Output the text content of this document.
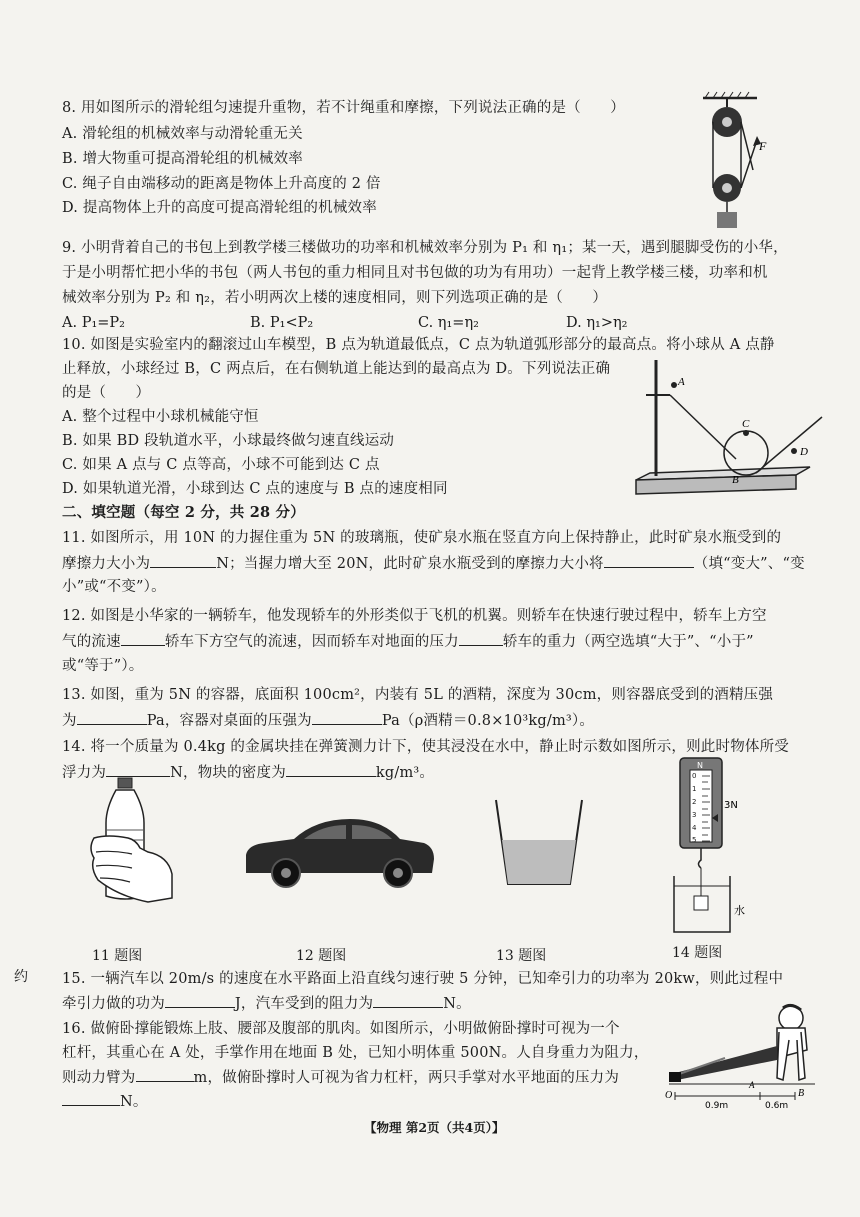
8. 用如图所示的滑轮组匀速提升重物，若不计绳重和摩擦，下列说法正确的是（　　）
A. 滑轮组的机械效率与动滑轮重无关
B. 增大物重可提高滑轮组的机械效率
C. 绳子自由端移动的距离是物体上升高度的 2 倍
D. 提高物体上升的高度可提高滑轮组的机械效率
F
9. 小明背着自己的书包上到教学楼三楼做功的功率和机械效率分别为 P₁ 和 η₁；某一天，遇到腿脚受伤的小华，
于是小明帮忙把小华的书包（两人书包的重力相同且对书包做的功为有用功）一起背上教学楼三楼，功率和机
械效率分别为 P₂ 和 η₂，若小明两次上楼的速度相同，则下列选项正确的是（　　）
A. P₁=P₂	B. P₁<P₂	C. η₁=η₂	D. η₁>η₂
10. 如图是实验室内的翻滚过山车模型，B 点为轨道最低点，C 点为轨道弧形部分的最高点。将小球从 A 点静
止释放，小球经过 B，C 两点后，在右侧轨道上能达到的最高点为 D。下列说法正确
的是（　　）
A. 整个过程中小球机械能守恒
B. 如果 BD 段轨道水平，小球最终做匀速直线运动
C. 如果 A 点与 C 点等高，小球不可能到达 C 点
D. 如果轨道光滑，小球到达 C 点的速度与 B 点的速度相同
A
B
C
D
二、填空题（每空 2 分，共 28 分）
11. 如图所示，用 10N 的力握住重为 5N 的玻璃瓶，使矿泉水瓶在竖直方向上保持静止，此时矿泉水瓶受到的
摩擦力大小为	N；当握力增大至 20N，此时矿泉水瓶受到的摩擦力大小将	（填“变大”、“变
小”或“不变”）。
12. 如图是小华家的一辆轿车，他发现轿车的外形类似于飞机的机翼。则轿车在快速行驶过程中，轿车上方空
气的流速	轿车下方空气的流速，因而轿车对地面的压力	轿车的重力（两空选填“大于”、“小于”
或“等于”）。
13. 如图，重为 5N 的容器，底面积 100cm²，内装有 5L 的酒精，深度为 30cm，则容器底受到的酒精压强
为	Pa，容器对桌面的压强为	Pa（ρ酒精＝0.8×10³kg/m³）。
14. 将一个质量为 0.4kg 的金属块挂在弹簧测力计下，使其浸没在水中，静止时示数如图所示，则此时物体所受
浮力为	N，物块的密度为	kg/m³。	N
0
1
2
3
4
5
3N
水
11 题图	12 题图	13 题图	14 题图
约 15. 一辆汽车以 20m/s 的速度在水平路面上沿直线匀速行驶 5 分钟，已知牵引力的功率为 20kw，则此过程中
牵引力做的功为	J，汽车受到的阻力为	N。
16. 做俯卧撑能锻炼上肢、腰部及腹部的肌肉。如图所示，小明做俯卧撑时可视为一个
杠杆，其重心在 A 处，手掌作用在地面 B 处，已知小明体重 500N。人自身重力为阻力，
则动力臂为	m，做俯卧撑时人可视为省力杠杆，两只手掌对水平地面的压力为
N。	O
A
B
0.9m	0.6m
【物理 第2页（共4页）】
